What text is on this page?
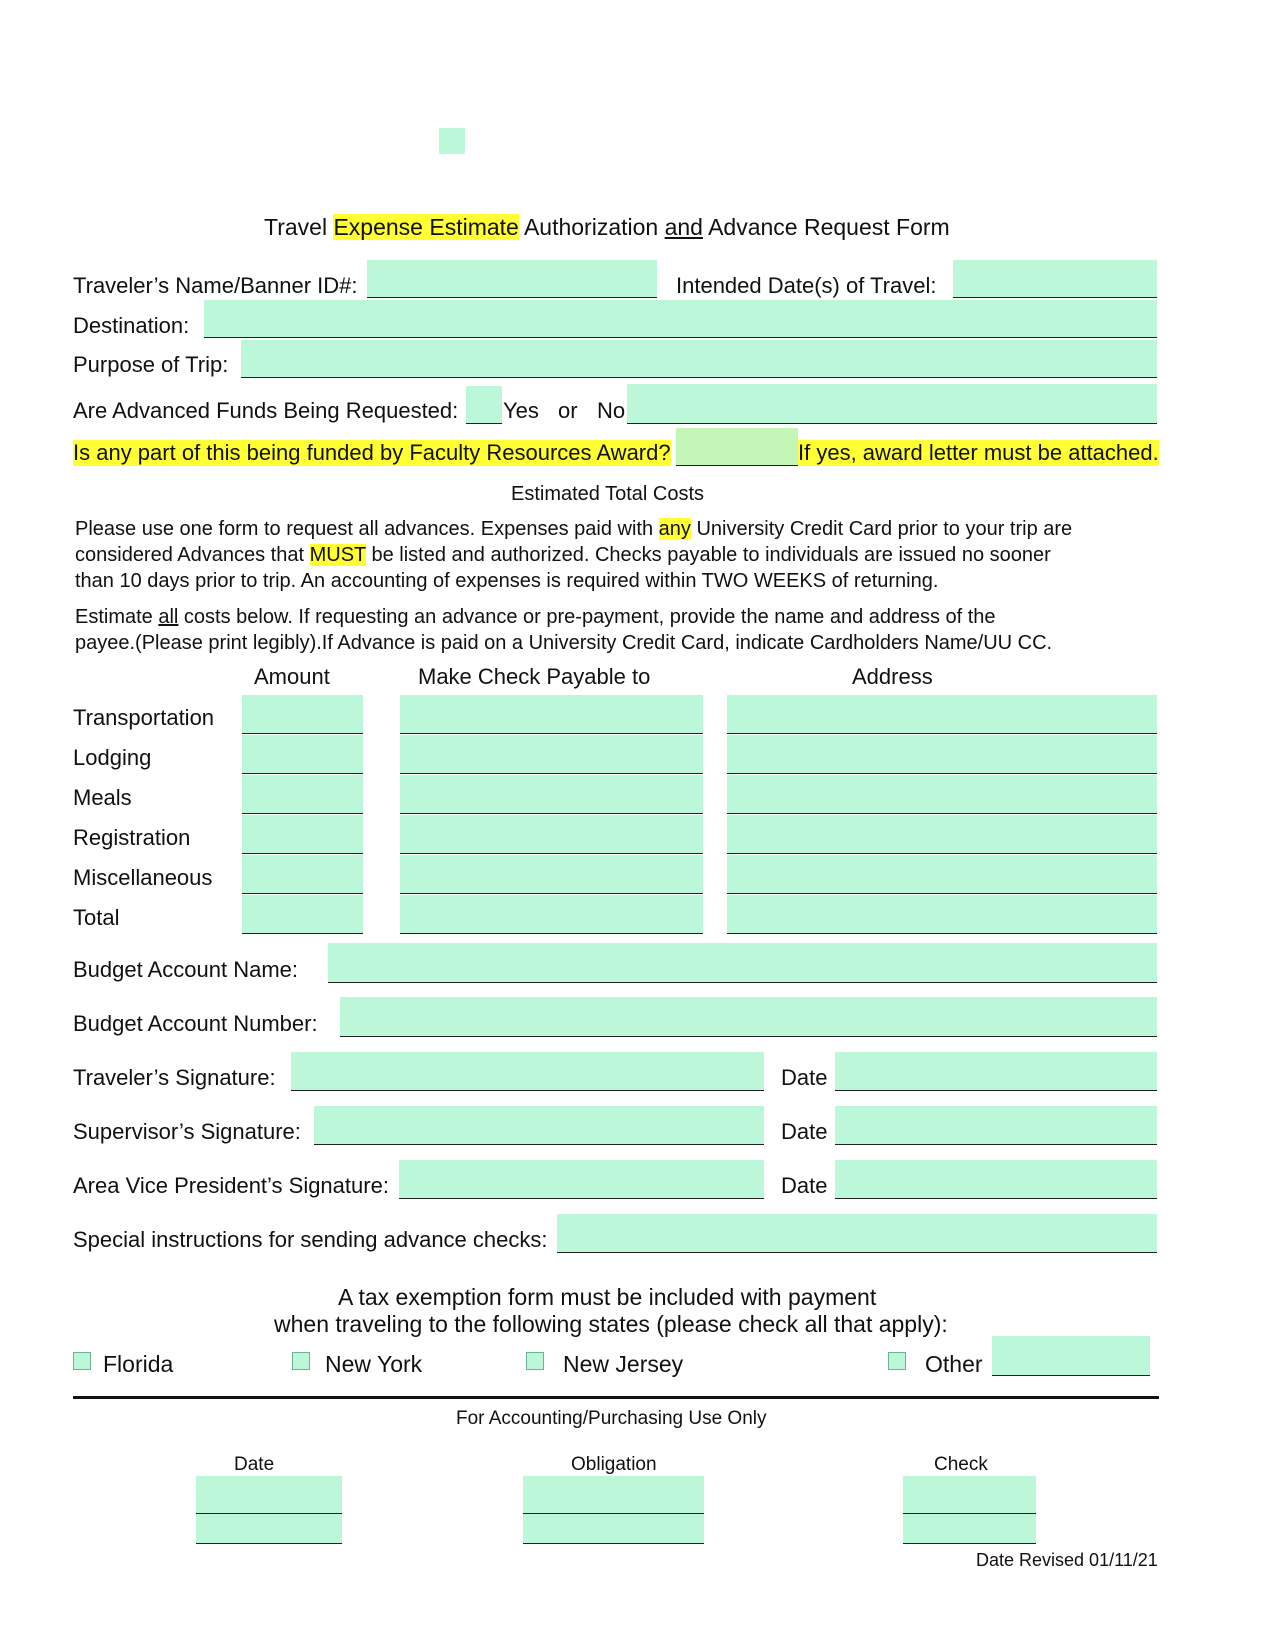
Travel Expense Estimate Authorization and Advance Request Form
Traveler’s Name/Banner ID#:	Intended Date(s) of Travel:
Destination:
Purpose of Trip:
Are Advanced Funds Being Requested: Yes or No
Is any part of this being funded by Faculty Resources Award?	If yes, award letter must be attached.
Estimated Total Costs
Please use one form to request all advances. Expenses paid with any University Credit Card prior to your trip are
considered Advances that MUST be listed and authorized. Checks payable to individuals are issued no sooner
than 10 days prior to trip. An accounting of expenses is required within TWO WEEKS of returning.
Estimate all costs below. If requesting an advance or pre-payment, provide the name and address of the
payee.(Please print legibly).If Advance is paid on a University Credit Card, indicate Cardholders Name/UU CC.
Amount	Make Check Payable to	Address
Transportation
Lodging
Meals
Registration
Miscellaneous
Total
Budget Account Name:
Budget Account Number:
Traveler’s Signature:	Date
Supervisor’s Signature:	Date
Area Vice President’s Signature:	Date
Special instructions for sending advance checks:
A tax exemption form must be included with payment
when traveling to the following states (please check all that apply):
Florida	New York	New Jersey	Other
For Accounting/Purchasing Use Only
Date	Obligation	Check
Date Revised 01/11/21
